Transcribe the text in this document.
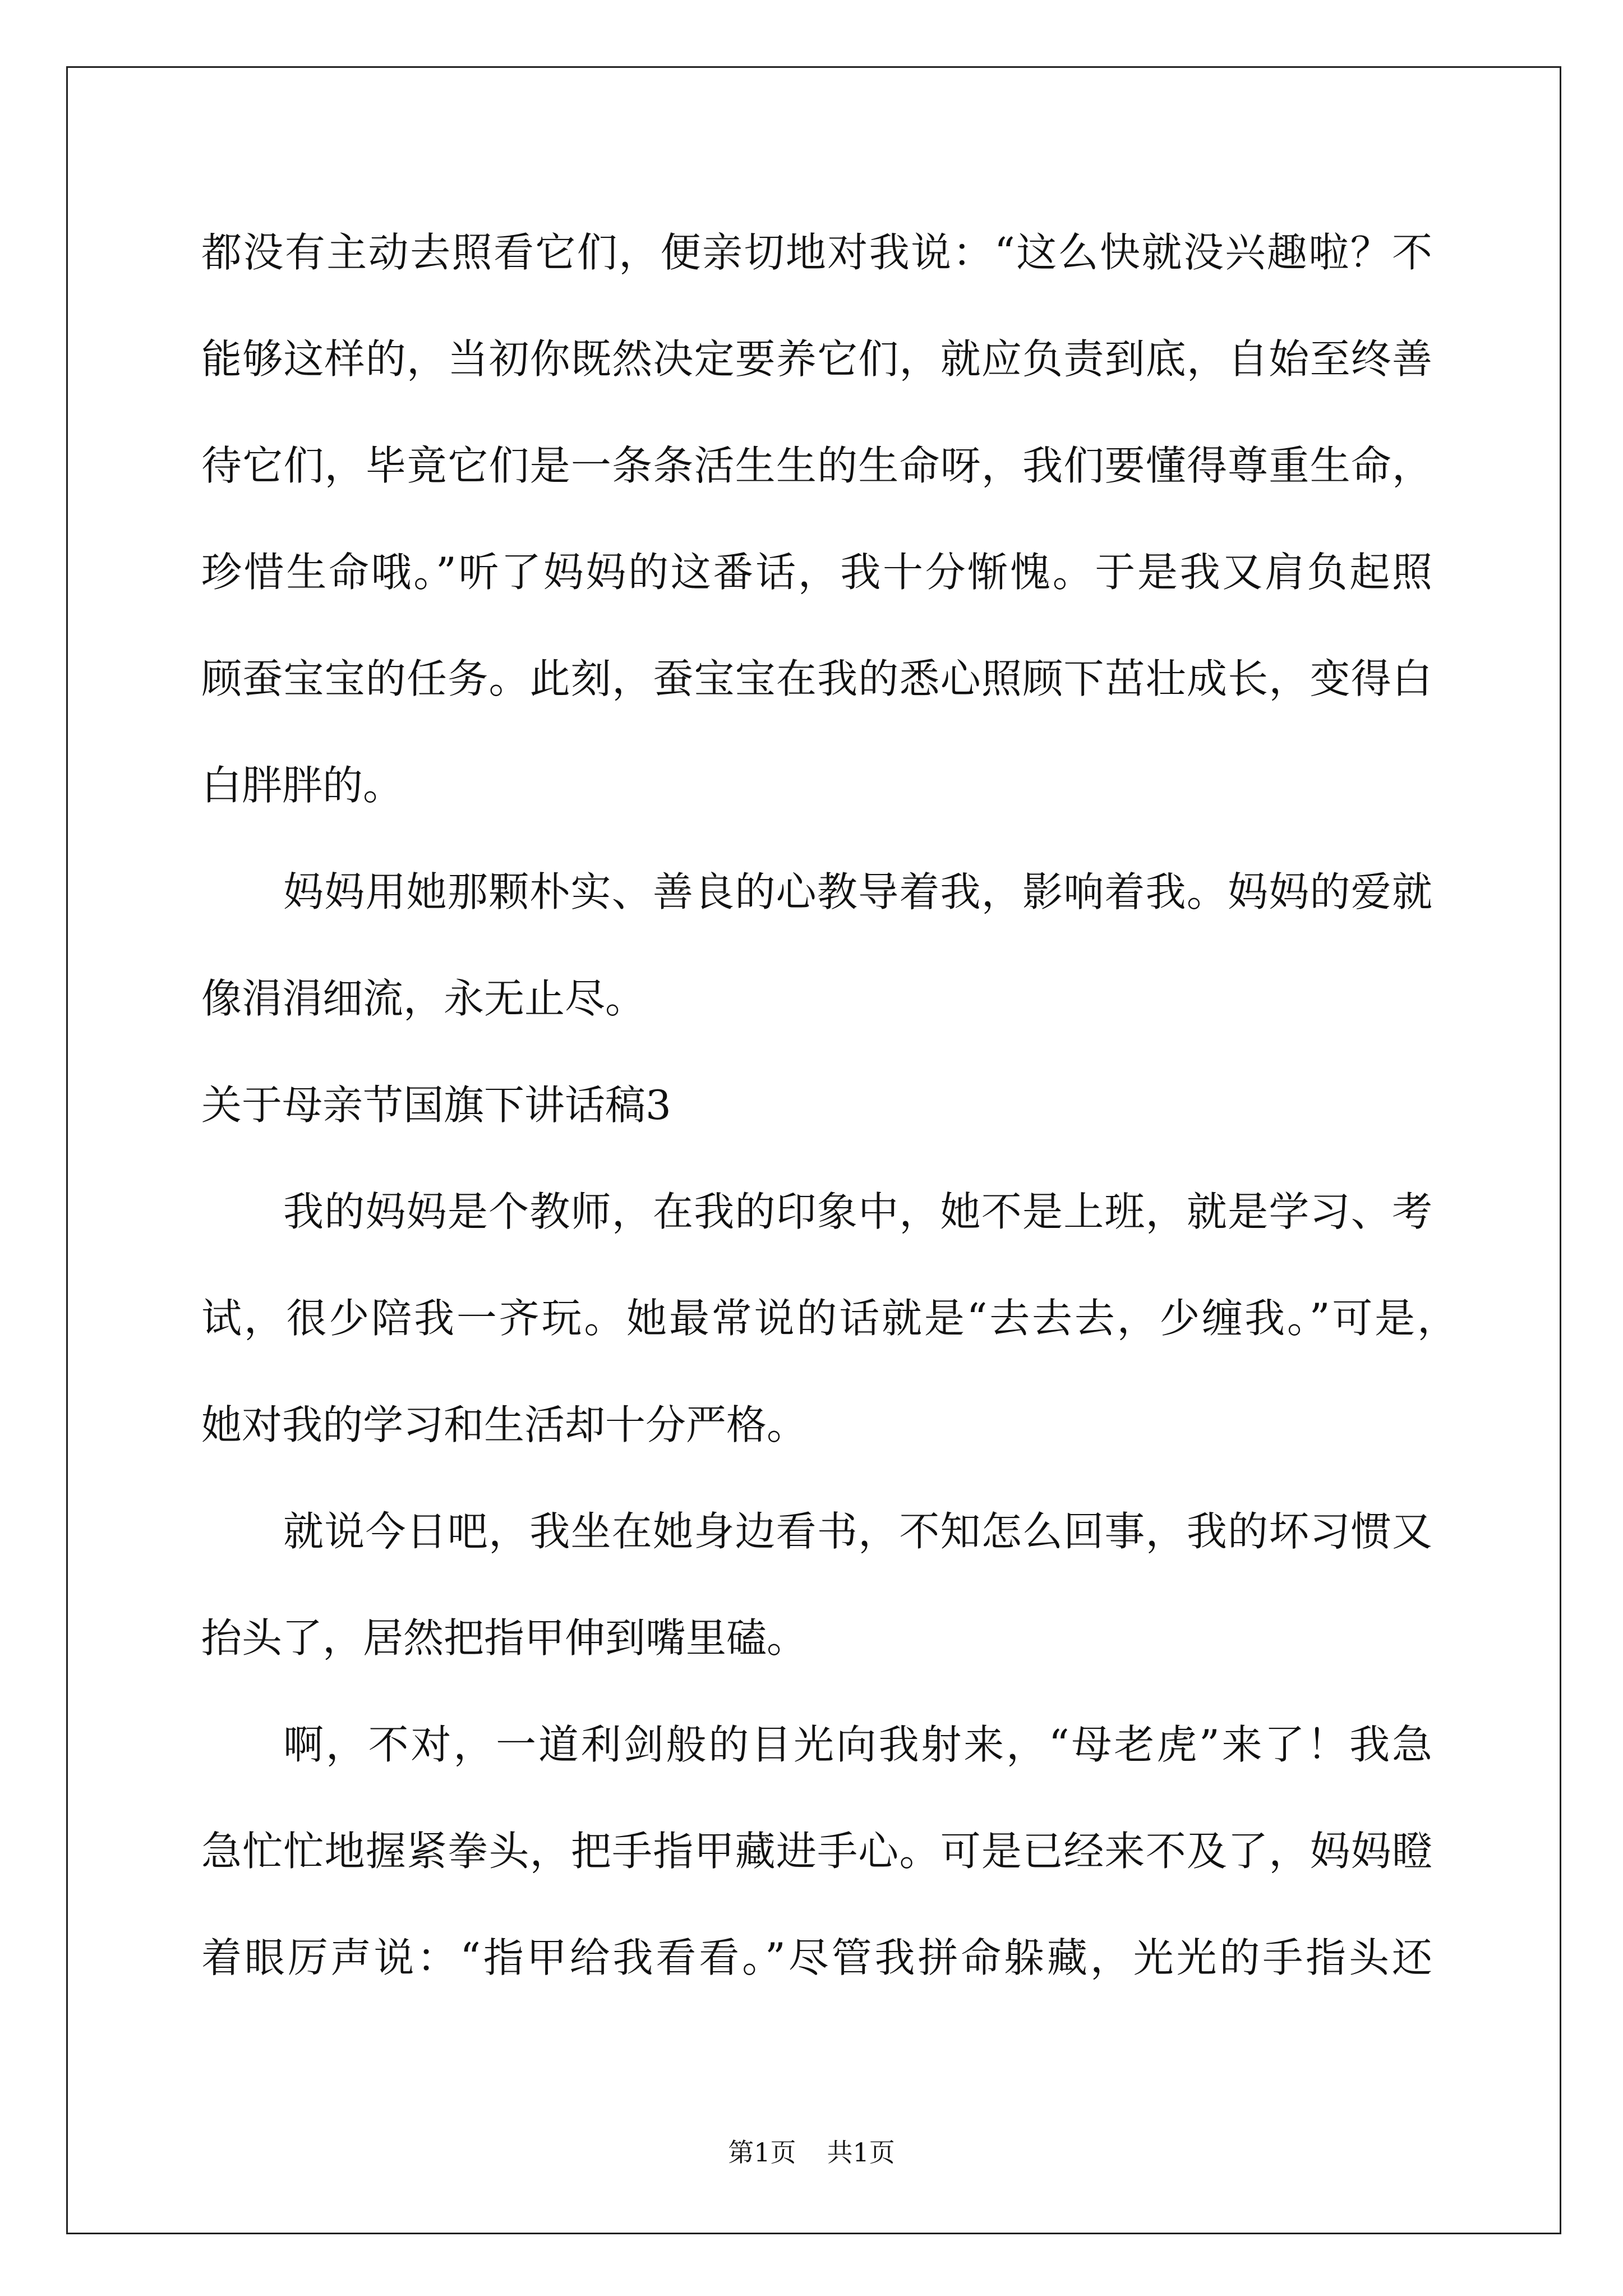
都没有主动去照看它们，便亲切地对我说：“这么快就没兴趣啦？不
能够这样的，当初你既然决定要养它们，就应负责到底，自始至终善
待它们，毕竟它们是一条条活生生的生命呀，我们要懂得尊重生命，
珍惜生命哦。”听了妈妈的这番话，我十分惭愧。于是我又肩负起照
顾蚕宝宝的任务。此刻，蚕宝宝在我的悉心照顾下茁壮成长，变得白
白胖胖的。
妈妈用她那颗朴实、善良的心教导着我，影响着我。妈妈的爱就
像涓涓细流，永无止尽。
关于母亲节国旗下讲话稿3
我的妈妈是个教师，在我的印象中，她不是上班，就是学习、考
试，很少陪我一齐玩。她最常说的话就是“去去去，少缠我。”可是，
她对我的学习和生活却十分严格。
就说今日吧，我坐在她身边看书，不知怎么回事，我的坏习惯又
抬头了，居然把指甲伸到嘴里磕。
啊，不对，一道利剑般的目光向我射来，“母老虎”来了！我急
急忙忙地握紧拳头，把手指甲藏进手心。可是已经来不及了，妈妈瞪
着眼厉声说：“指甲给我看看。”尽管我拼命躲藏，光光的手指头还
第1页 共1页
